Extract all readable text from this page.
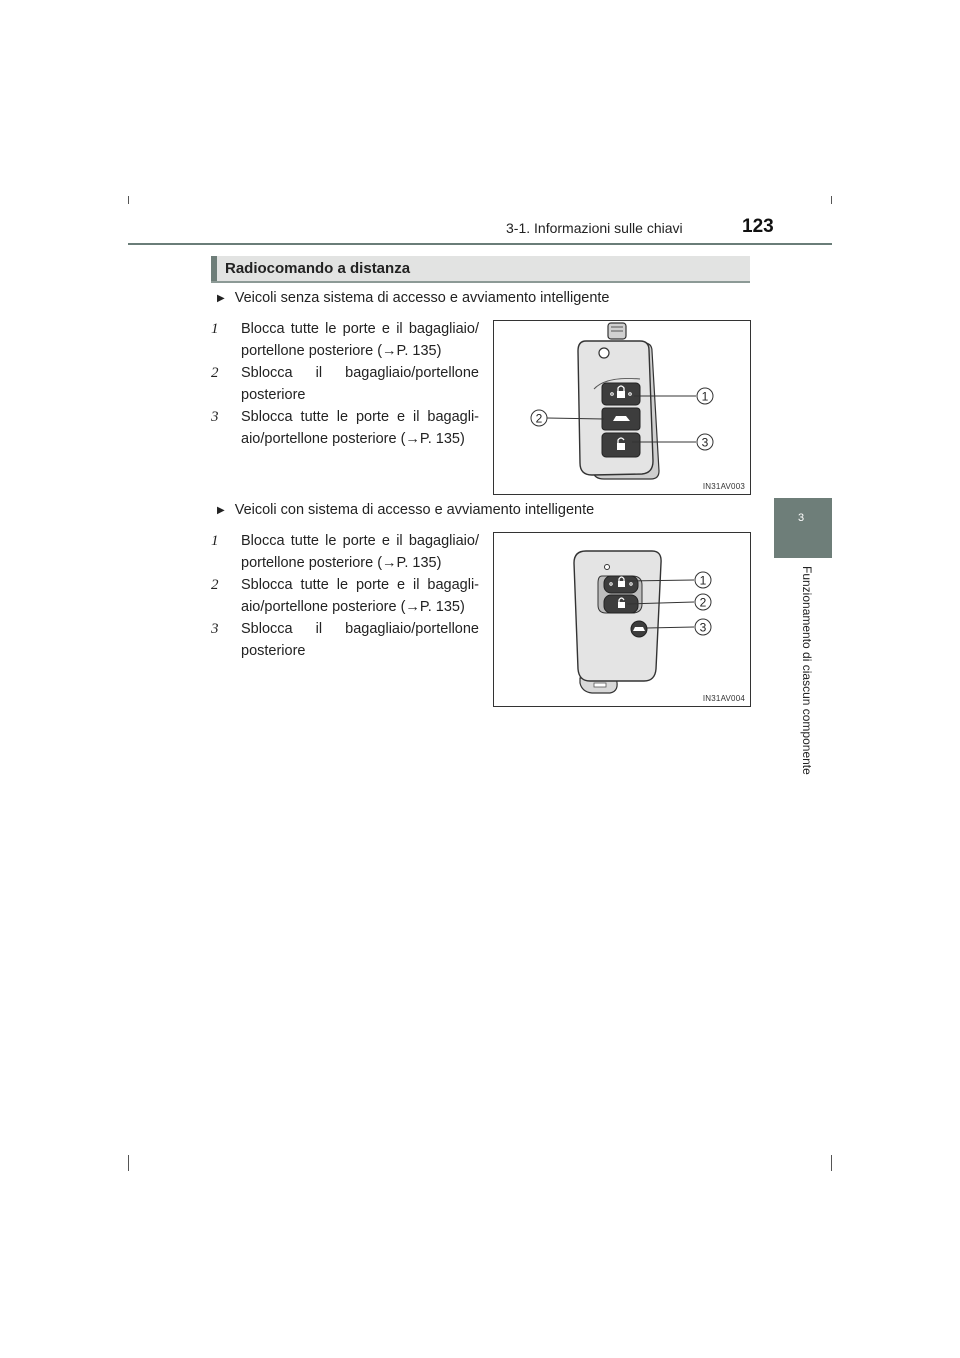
3-1. Informazioni sulle chiavi	123
3
Funzionamento di ciascun componente
Radiocomando a distanza
▶ Veicoli senza sistema di accesso e avviamento intelligente
1 Blocca tutte le porte e il bagagliaio/ portellone posteriore (→P. 135)
2 Sblocca il bagagliaio/portellone posteriore
3 Sblocca tutte le porte e il bagagli- aio/portellone posteriore (→P. 135)
1
2
3
IN31AV003
▶ Veicoli con sistema di accesso e avviamento intelligente
1 Blocca tutte le porte e il bagagliaio/ portellone posteriore (→P. 135)
2 Sblocca tutte le porte e il bagagli- aio/portellone posteriore (→P. 135)
3 Sblocca il bagagliaio/portellone posteriore
1
2
3
IN31AV004
